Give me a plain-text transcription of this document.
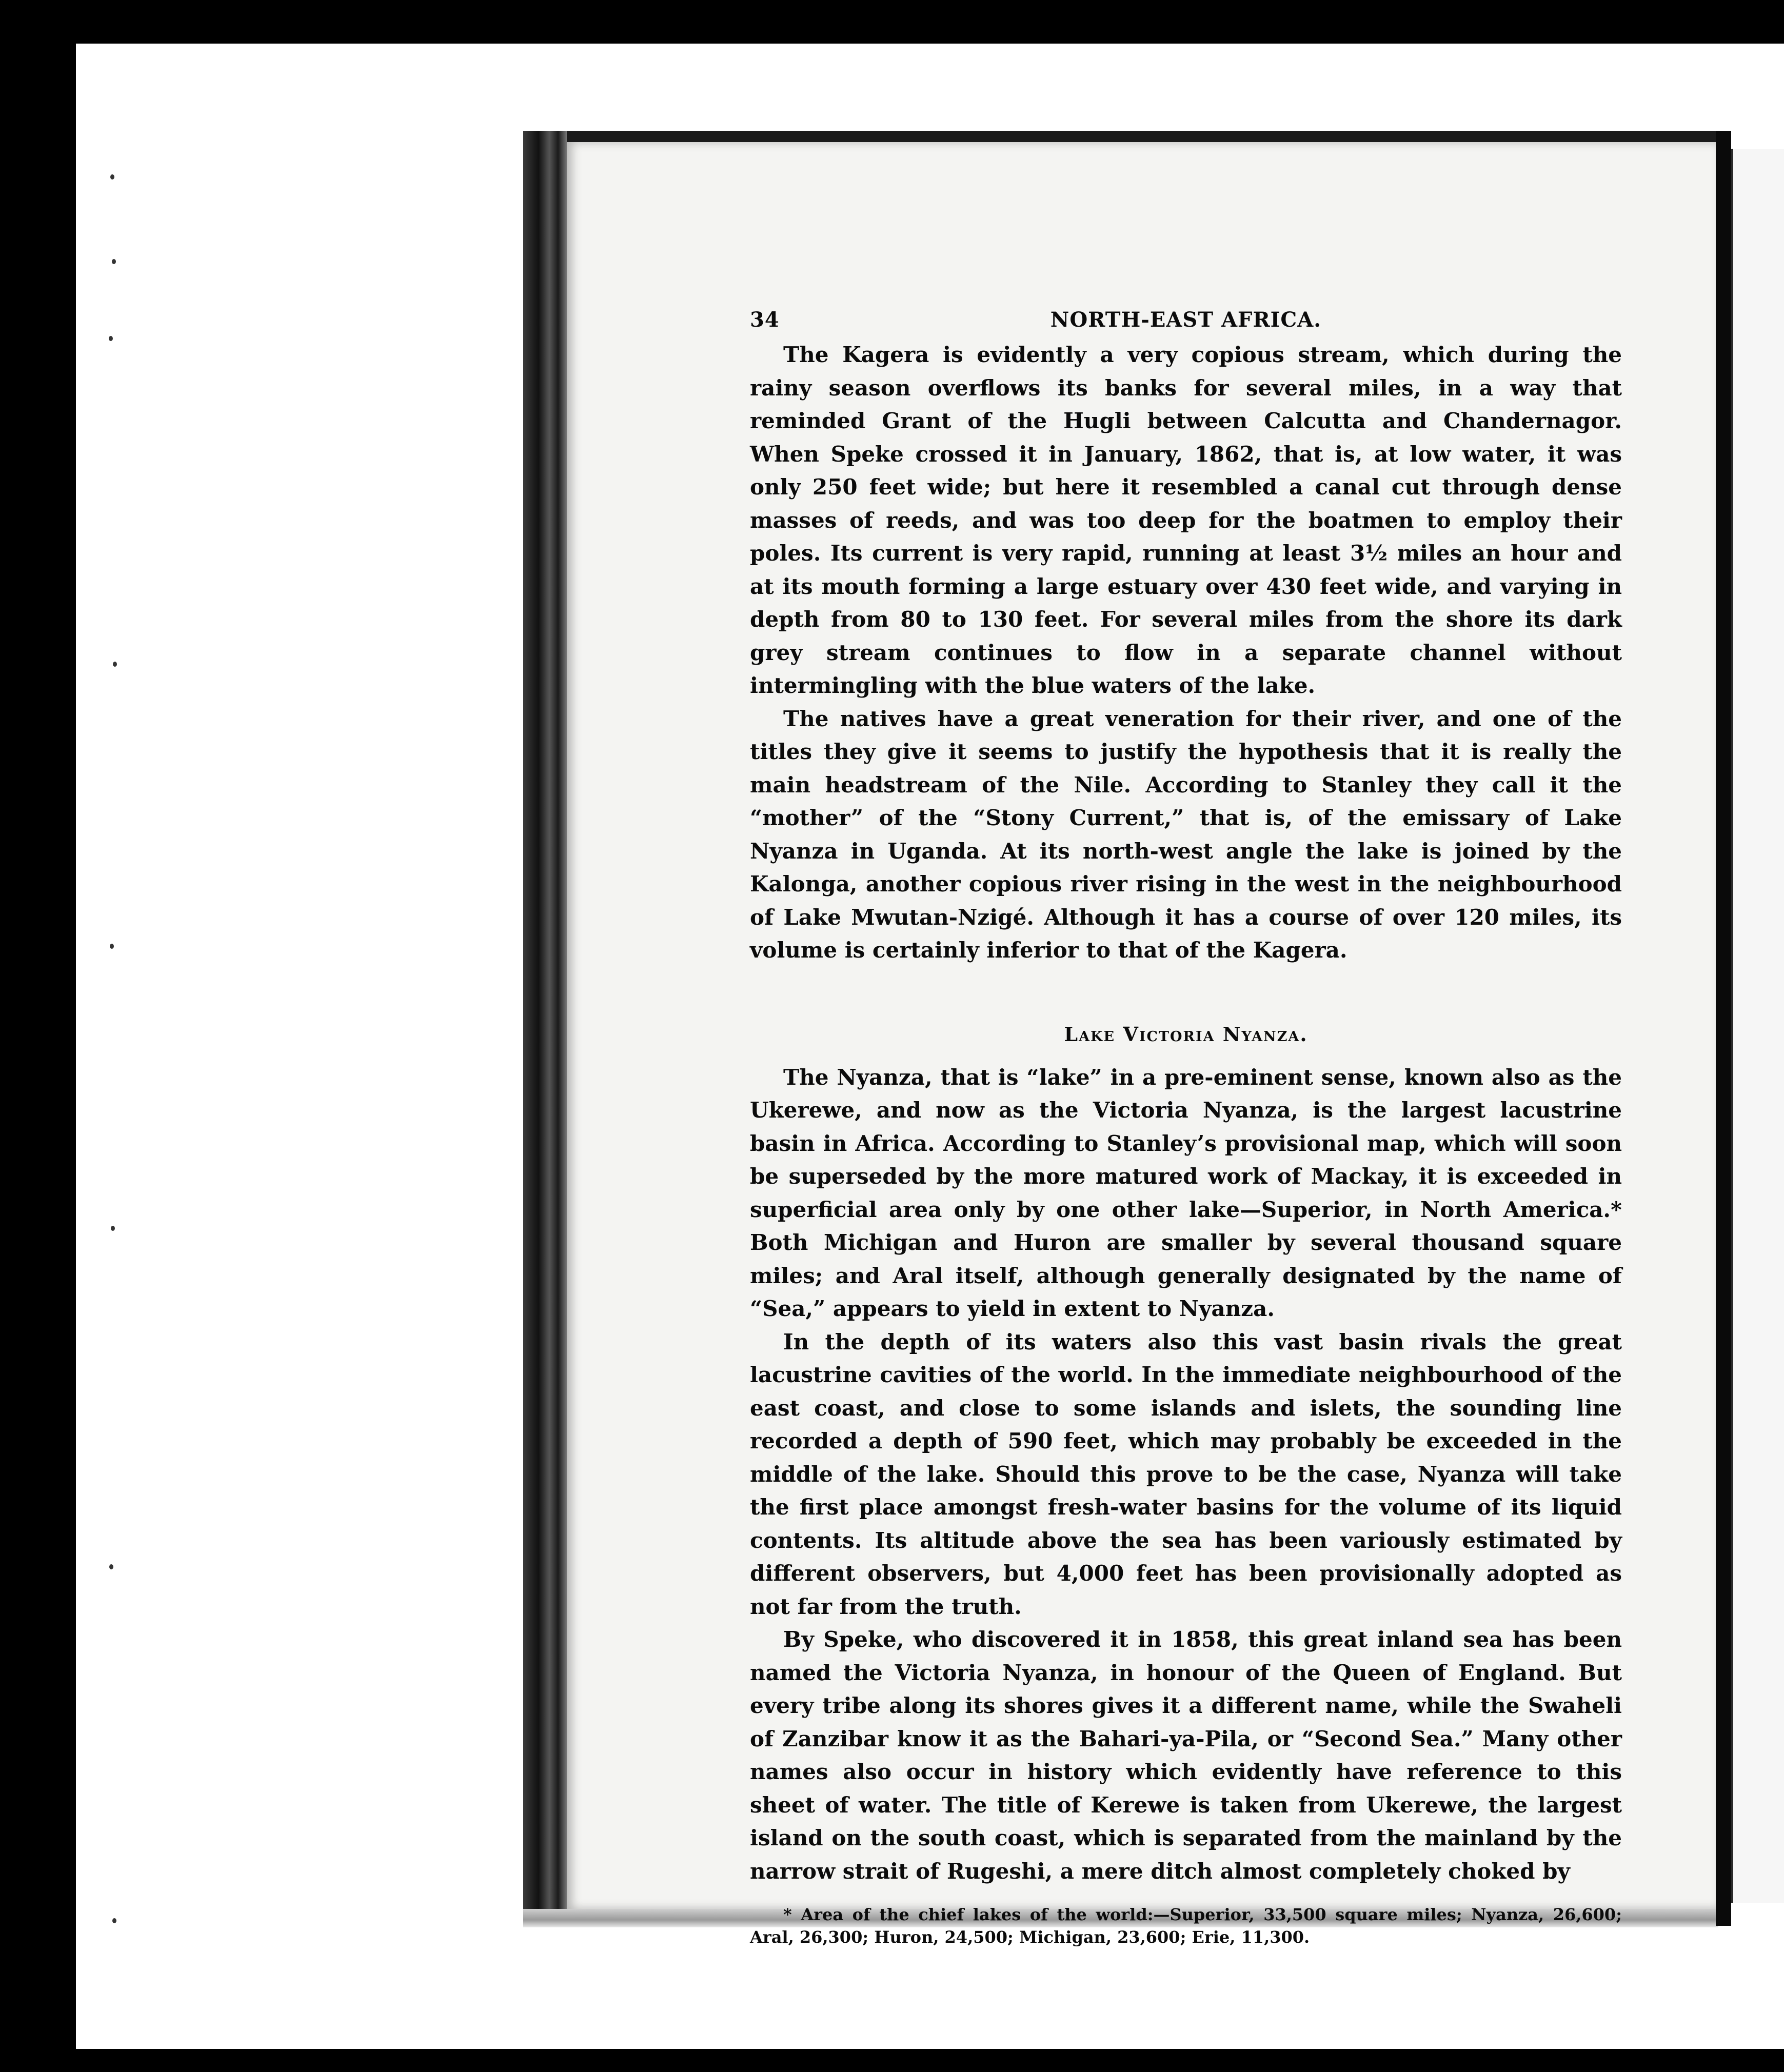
34	NORTH-EAST AFRICA.

The Kagera is evidently a very copious stream, which during the rainy season overflows its banks for several miles, in a way that reminded Grant of the Hugli between Calcutta and Chandernagor. When Speke crossed it in January, 1862, that is, at low water, it was only 250 feet wide; but here it resembled a canal cut through dense masses of reeds, and was too deep for the boatmen to employ their poles. Its current is very rapid, running at least 3½ miles an hour and at its mouth forming a large estuary over 430 feet wide, and varying in depth from 80 to 130 feet. For several miles from the shore its dark grey stream continues to flow in a separate channel without intermingling with the blue waters of the lake.

The natives have a great veneration for their river, and one of the titles they give it seems to justify the hypothesis that it is really the main headstream of the Nile. According to Stanley they call it the “mother” of the “Stony Current,” that is, of the emissary of Lake Nyanza in Uganda. At its north-west angle the lake is joined by the Kalonga, another copious river rising in the west in the neighbourhood of Lake Mwutan-Nzigé. Although it has a course of over 120 miles, its volume is certainly inferior to that of the Kagera.

Lake Victoria Nyanza.

The Nyanza, that is “lake” in a pre-eminent sense, known also as the Ukerewe, and now as the Victoria Nyanza, is the largest lacustrine basin in Africa. According to Stanley’s provisional map, which will soon be superseded by the more matured work of Mackay, it is exceeded in superficial area only by one other lake—Superior, in North America.* Both Michigan and Huron are smaller by several thousand square miles; and Aral itself, although generally designated by the name of “Sea,” appears to yield in extent to Nyanza.

In the depth of its waters also this vast basin rivals the great lacustrine cavities of the world. In the immediate neighbourhood of the east coast, and close to some islands and islets, the sounding line recorded a depth of 590 feet, which may probably be exceeded in the middle of the lake. Should this prove to be the case, Nyanza will take the first place amongst fresh-water basins for the volume of its liquid contents. Its altitude above the sea has been variously estimated by different observers, but 4,000 feet has been provisionally adopted as not far from the truth.

By Speke, who discovered it in 1858, this great inland sea has been named the Victoria Nyanza, in honour of the Queen of England. But every tribe along its shores gives it a different name, while the Swaheli of Zanzibar know it as the Bahari-ya-Pila, or “Second Sea.” Many other names also occur in history which evidently have reference to this sheet of water. The title of Kerewe is taken from Ukerewe, the largest island on the south coast, which is separated from the mainland by the narrow strait of Rugeshi, a mere ditch almost completely choked by

* Area of the chief lakes of the world:—Superior, 33,500 square miles; Nyanza, 26,600; Aral, 26,300; Huron, 24,500; Michigan, 23,600; Erie, 11,300.
